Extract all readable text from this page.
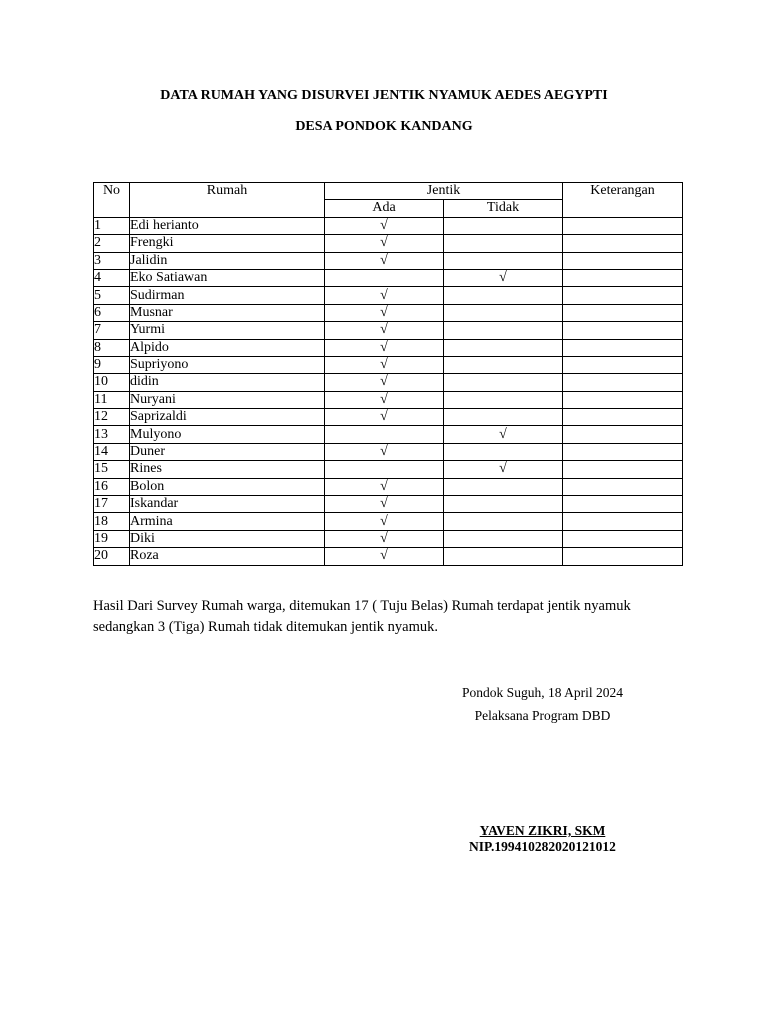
DATA RUMAH YANG DISURVEI JENTIK NYAMUK AEDES AEGYPTI
DESA PONDOK KANDANG
No	Rumah	Jentik		Keterangan
		Ada	Tidak	
1	Edi herianto	√		
2	Frengki	√		
3	Jalidin	√		
4	Eko Satiawan		√	
5	Sudirman	√		
6	Musnar	√		
7	Yurmi	√		
8	Alpido	√		
9	Supriyono	√		
10	didin	√		
11	Nuryani	√		
12	Saprizaldi	√		
13	Mulyono		√	
14	Duner	√		
15	Rines		√	
16	Bolon	√		
17	Iskandar	√		
18	Armina	√		
19	Diki	√		
20	Roza	√		
Hasil Dari Survey Rumah warga, ditemukan 17 ( Tuju Belas) Rumah terdapat jentik nyamuk sedangkan 3 (Tiga) Rumah tidak ditemukan jentik nyamuk.
Pondok Suguh, 18 April 2024
Pelaksana Program DBD
YAVEN ZIKRI, SKM
NIP.199410282020121012
